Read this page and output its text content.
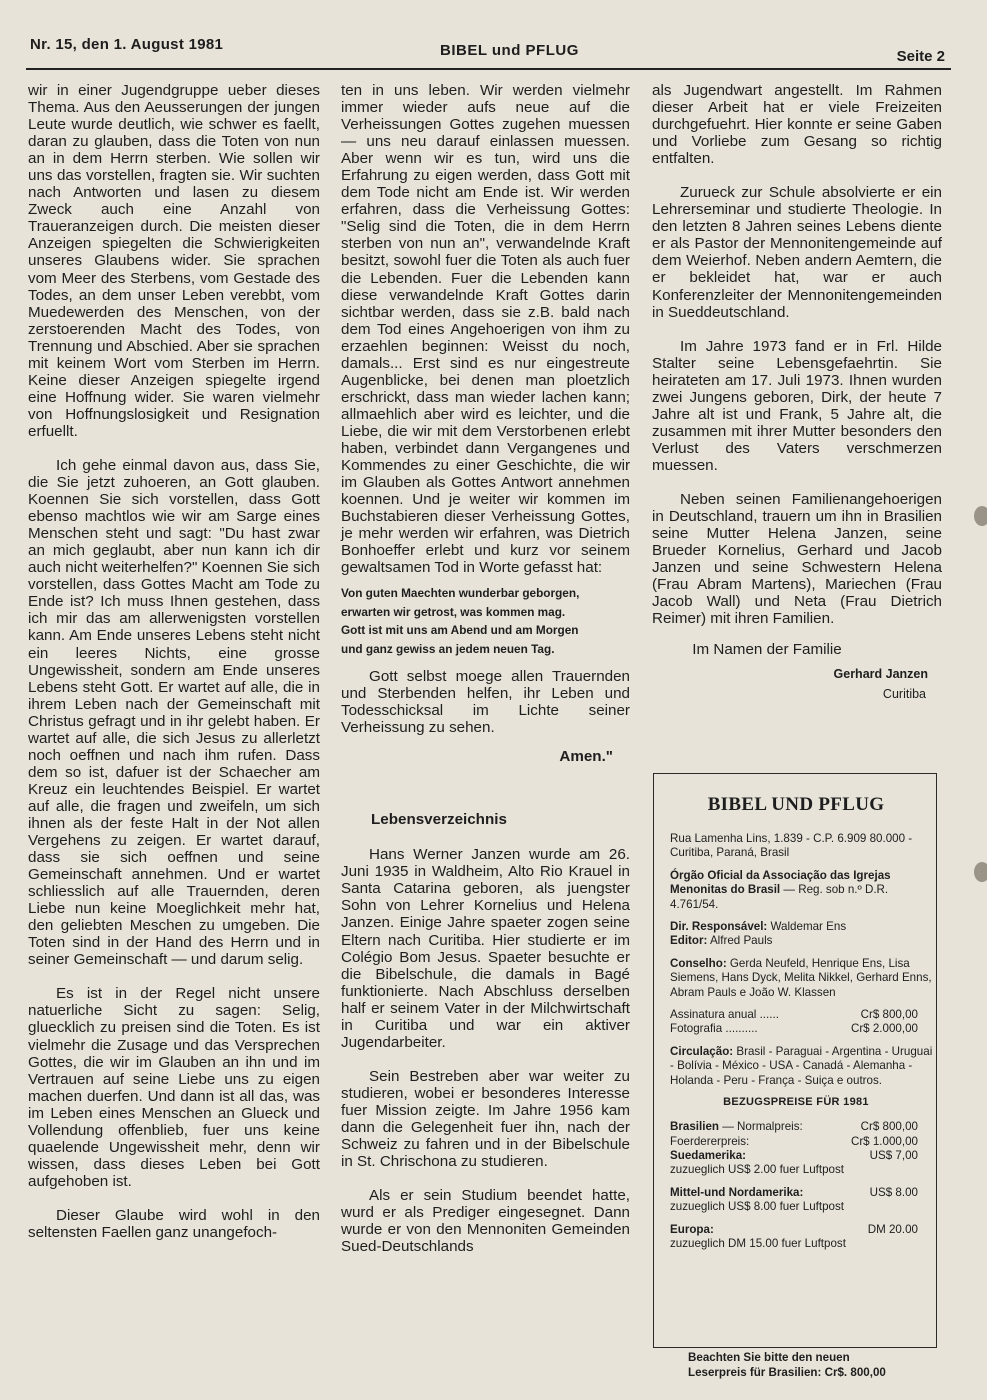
Nr. 15, den 1. August 1981	BIBEL und PFLUG	Seite 2

wir in einer Jugendgruppe ueber dieses Thema. Aus den Aeusserungen der jungen Leute wurde deutlich, wie schwer es faellt, daran zu glauben, dass die Toten von nun an in dem Herrn sterben. Wie sollen wir uns das vorstellen, fragten sie. Wir suchten nach Antworten und lasen zu diesem Zweck auch eine Anzahl von Traueranzeigen durch. Die meisten dieser Anzeigen spiegelten die Schwierigkeiten unseres Glaubens wider. Sie sprachen vom Meer des Sterbens, vom Gestade des Todes, an dem unser Leben verebbt, vom Muedewerden des Menschen, von der zerstoerenden Macht des Todes, von Trennung und Abschied. Aber sie sprachen mit keinem Wort vom Sterben im Herrn. Keine dieser Anzeigen spiegelte irgend eine Hoffnung wider. Sie waren vielmehr von Hoffnungslosigkeit und Resignation erfuellt.

Ich gehe einmal davon aus, dass Sie, die Sie jetzt zuhoeren, an Gott glauben. Koennen Sie sich vorstellen, dass Gott ebenso machtlos wie wir am Sarge eines Menschen steht und sagt: "Du hast zwar an mich geglaubt, aber nun kann ich dir auch nicht weiterhelfen?" Koennen Sie sich vorstellen, dass Gottes Macht am Tode zu Ende ist? Ich muss Ihnen gestehen, dass ich mir das am allerwenigsten vorstellen kann. Am Ende unseres Lebens steht nicht ein leeres Nichts, eine grosse Ungewissheit, sondern am Ende unseres Lebens steht Gott. Er wartet auf alle, die in ihrem Leben nach der Gemeinschaft mit Christus gefragt und in ihr gelebt haben. Er wartet auf alle, die sich Jesus zu allerletzt noch oeffnen und nach ihm rufen. Dass dem so ist, dafuer ist der Schaecher am Kreuz ein leuchtendes Beispiel. Er wartet auf alle, die fragen und zweifeln, um sich ihnen als der feste Halt in der Not allen Vergehens zu zeigen. Er wartet darauf, dass sie sich oeffnen und seine Gemeinschaft annehmen. Und er wartet schliesslich auf alle Trauernden, deren Liebe nun keine Moeglichkeit mehr hat, den geliebten Meschen zu umgeben. Die Toten sind in der Hand des Herrn und in seiner Gemeinschaft — und darum selig.

Es ist in der Regel nicht unsere natuerliche Sicht zu sagen: Selig, gluecklich zu preisen sind die Toten. Es ist vielmehr die Zusage und das Versprechen Gottes, die wir im Glauben an ihn und im Vertrauen auf seine Liebe uns zu eigen machen duerfen. Und dann ist all das, was im Leben eines Menschen an Glueck und Vollendung offenblieb, fuer uns keine quaelende Ungewissheit mehr, denn wir wissen, dass dieses Leben bei Gott aufgehoben ist.

Dieser Glaube wird wohl in den seltensten Faellen ganz unangefoch-

ten in uns leben. Wir werden vielmehr immer wieder aufs neue auf die Verheissungen Gottes zugehen muessen — uns neu darauf einlassen muessen. Aber wenn wir es tun, wird uns die Erfahrung zu eigen werden, dass Gott mit dem Tode nicht am Ende ist. Wir werden erfahren, dass die Verheissung Gottes: "Selig sind die Toten, die in dem Herrn sterben von nun an", verwandelnde Kraft besitzt, sowohl fuer die Toten als auch fuer die Lebenden. Fuer die Lebenden kann diese verwandelnde Kraft Gottes darin sichtbar werden, dass sie z.B. bald nach dem Tod eines Angehoerigen von ihm zu erzaehlen beginnen: Weisst du noch, damals... Erst sind es nur eingestreute Augenblicke, bei denen man ploetzlich erschrickt, dass man wieder lachen kann; allmaehlich aber wird es leichter, und die Liebe, die wir mit dem Verstorbenen erlebt haben, verbindet dann Vergangenes und Kommendes zu einer Geschichte, die wir im Glauben als Gottes Antwort annehmen koennen. Und je weiter wir kommen im Buchstabieren dieser Verheissung Gottes, je mehr werden wir erfahren, was Dietrich Bonhoeffer erlebt und kurz vor seinem gewaltsamen Tod in Worte gefasst hat:

Von guten Maechten wunderbar geborgen,
erwarten wir getrost, was kommen mag.
Gott ist mit uns am Abend und am Morgen
und ganz gewiss an jedem neuen Tag.

Gott selbst moege allen Trauernden und Sterbenden helfen, ihr Leben und Todesschicksal im Lichte seiner Verheissung zu sehen.

Amen."
Lebensverzeichnis

Hans Werner Janzen wurde am 26. Juni 1935 in Waldheim, Alto Rio Krauel in Santa Catarina geboren, als juengster Sohn von Lehrer Kornelius und Helena Janzen. Einige Jahre spaeter zogen seine Eltern nach Curitiba. Hier studierte er im Colégio Bom Jesus. Spaeter besuchte er die Bibelschule, die damals in Bagé funktionierte. Nach Abschluss derselben half er seinem Vater in der Milchwirtschaft in Curitiba und war ein aktiver Jugendarbeiter.

Sein Bestreben aber war weiter zu studieren, wobei er besonderes Interesse fuer Mission zeigte. Im Jahre 1956 kam dann die Gelegenheit fuer ihn, nach der Schweiz zu fahren und in der Bibelschule in St. Chrischona zu studieren.

Als er sein Studium beendet hatte, wurd er als Prediger eingesegnet. Dann wurde er von den Mennoniten Gemeinden Sued-Deutschlands

als Jugendwart angestellt. Im Rahmen dieser Arbeit hat er viele Freizeiten durchgefuehrt. Hier konnte er seine Gaben und Vorliebe zum Gesang so richtig entfalten.

Zurueck zur Schule absolvierte er ein Lehrerseminar und studierte Theologie. In den letzten 8 Jahren seines Lebens diente er als Pastor der Mennonitengemeinde auf dem Weierhof. Neben andern Aemtern, die er bekleidet hat, war er auch Konferenzleiter der Mennonitengemeinden in Sueddeutschland.

Im Jahre 1973 fand er in Frl. Hilde Stalter seine Lebensgefaehrtin. Sie heirateten am 17. Juli 1973. Ihnen wurden zwei Jungens geboren, Dirk, der heute 7 Jahre alt ist und Frank, 5 Jahre alt, die zusammen mit ihrer Mutter besonders den Verlust des Vaters verschmerzen muessen.

Neben seinen Familienangehoerigen in Deutschland, trauern um ihn in Brasilien seine Mutter Helena Janzen, seine Brueder Kornelius, Gerhard und Jacob Janzen und seine Schwestern Helena (Frau Abram Martens), Mariechen (Frau Jacob Wall) und Neta (Frau Dietrich Reimer) mit ihren Familien.

Im Namen der Familie
Gerhard Janzen
Curitiba
BIBEL UND PFLUG

Rua Lamenha Lins, 1.839 - C.P. 6.909 80.000 - Curitiba, Paraná, Brasil

Órgão Oficial da Associação das Igrejas Menonitas do Brasil — Reg. sob n.º D.R. 4.761/54.

Dir. Responsável: Waldemar Ens

Editor: Alfred Pauls

Conselho: Gerda Neufeld, Henrique Ens, Lisa Siemens, Hans Dyck, Melita Nikkel, Gerhard Enns, Abram Pauls e João W. Klassen

Assinatura anual ......	Cr$ 800,00
Fotografia ..........	Cr$ 2.000,00

Circulação: Brasil - Paraguai - Argentina - Uruguai - Bolívia - México - USA - Canadá - Alemanha - Holanda - Peru - França - Suiça e outros.

BEZUGSPREISE FÜR 1981
Brasilien — Normalpreis:	Cr$ 800,00
Foerdererpreis:	Cr$ 1.000,00
Suedamerika:	US$ 7,00

zuzueglich US$ 2.00 fuer Luftpost

Mittel-und Nordamerika:	US$ 8.00

zuzueglich US$ 8.00 fuer Luftpost

Europa:	DM 20.00

zuzueglich DM 15.00 fuer Luftpost

Beachten Sie bitte den neuen
Leserpreis für Brasilien: Cr$. 800,00
